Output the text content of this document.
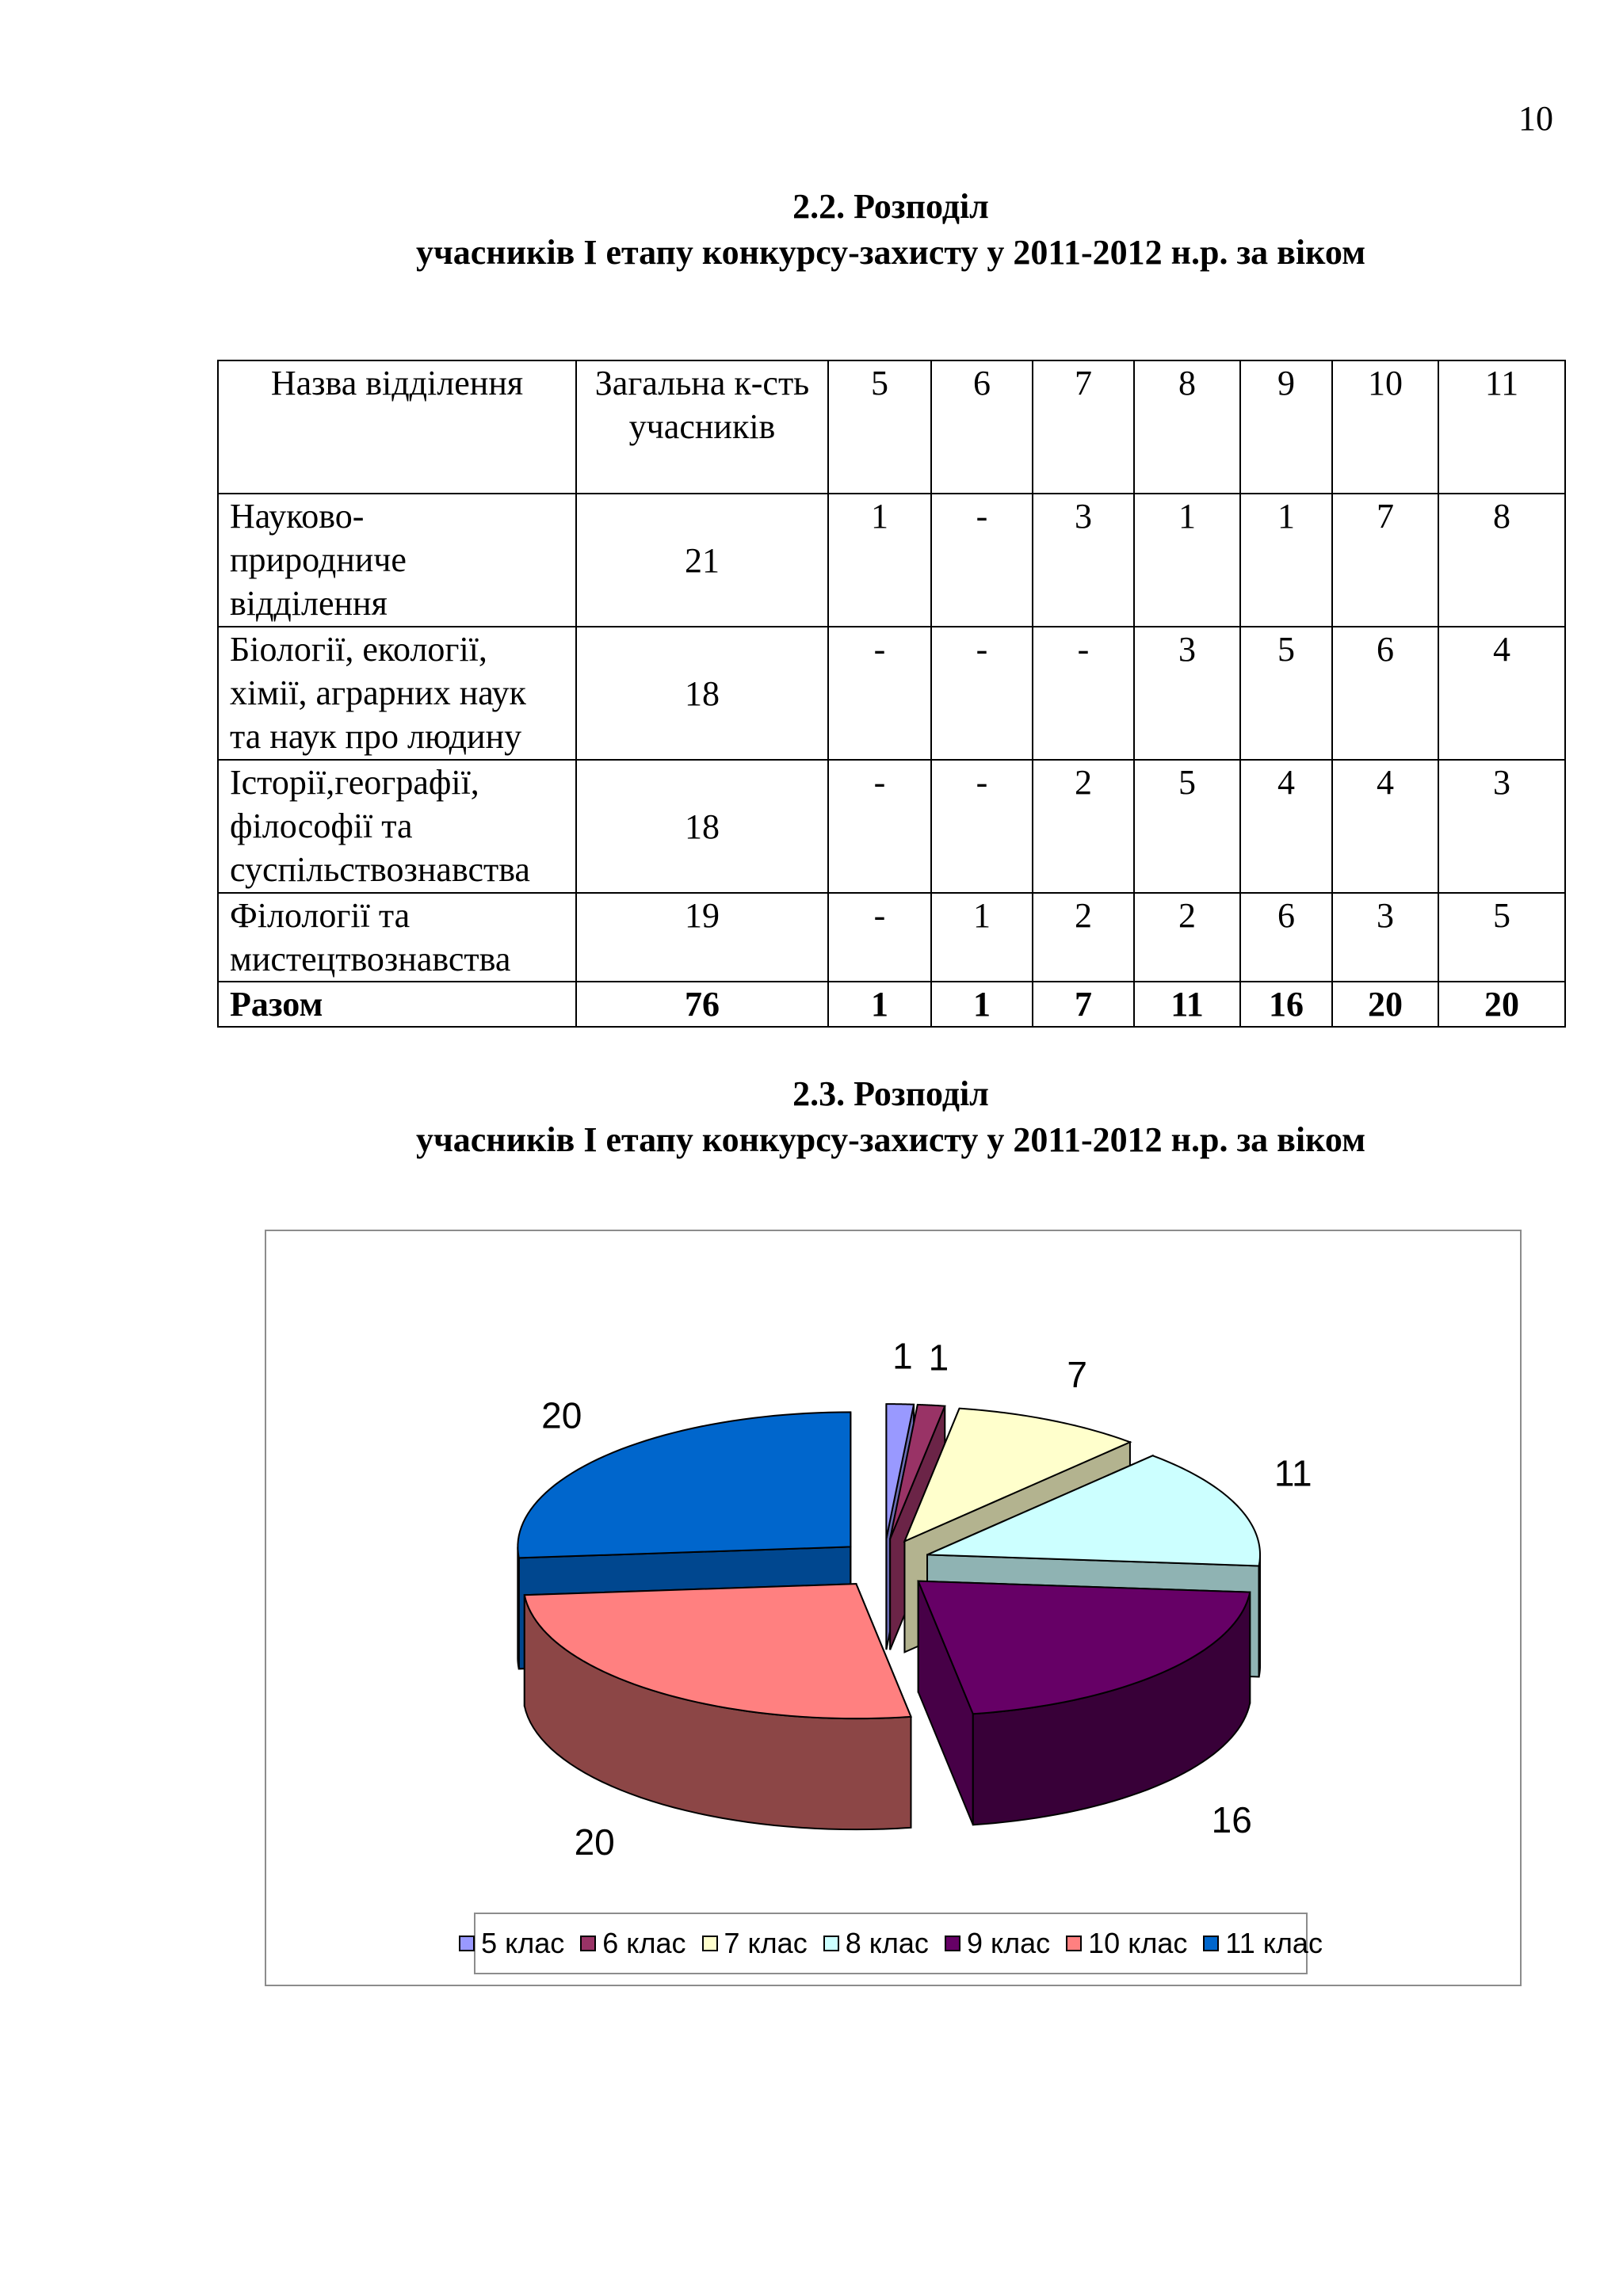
10
2.2. Розподіл
учасників І етапу конкурсу-захисту у 2011-2012 н.р. за віком
Назва відділення	Загальна к-сть учасників	5	6	7	8	9	10	11

Науково-
природниче
відділення	21	1	-	3	1	1	7	8

Біології, екології,
хімії, аграрних наук
та наук про людину	18	-	-	-	3	5	6	4

Історії,географії,
філософії та
суспільствознавства	18	-	-	2	5	4	4	3

Філології та
мистецтвознавства	19	-	1	2	2	6	3	5
Разом	76	1	1	7	11	16	20	20
2.3. Розподіл
учасників І етапу конкурсу-захисту у 2011-2012 н.р. за віком
1 1	7
11
16
20
20
5 клас 6 клас 7 клас 8 клас 9 клас 10 клас 11 клас
